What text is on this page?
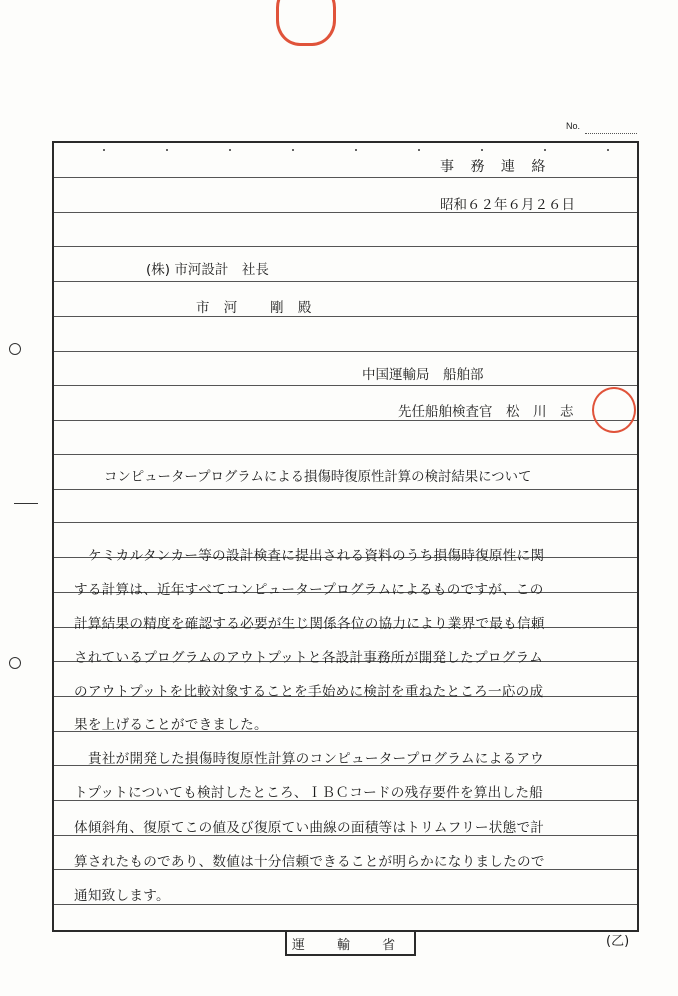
No.
事 務 連 絡
昭和６２年６月２６日
(株) 市河設計　社長
市 河　 剛 殿
中国運輸局　船舶部
先任船舶検査官　松　川　志
コンピュータープログラムによる損傷時復原性計算の検討結果について
ケミカルタンカー等の設計検査に提出される資料のうち損傷時復原性に関
する計算は、近年すべてコンピュータープログラムによるものですが、この
計算結果の精度を確認する必要が生じ関係各位の協力により業界で最も信頼
されているプログラムのアウトプットと各設計事務所が開発したプログラム
のアウトプットを比較対象することを手始めに検討を重ねたところ一応の成
果を上げることができました。
貴社が開発した損傷時復原性計算のコンピュータープログラムによるアウ
トプットについても検討したところ、ＩＢＣコードの残存要件を算出した船
体傾斜角、復原てこの値及び復原てい曲線の面積等はトリムフリー状態で計
算されたものであり、数値は十分信頼できることが明らかになりましたので
通知致します。
運 輸 省	(乙)
